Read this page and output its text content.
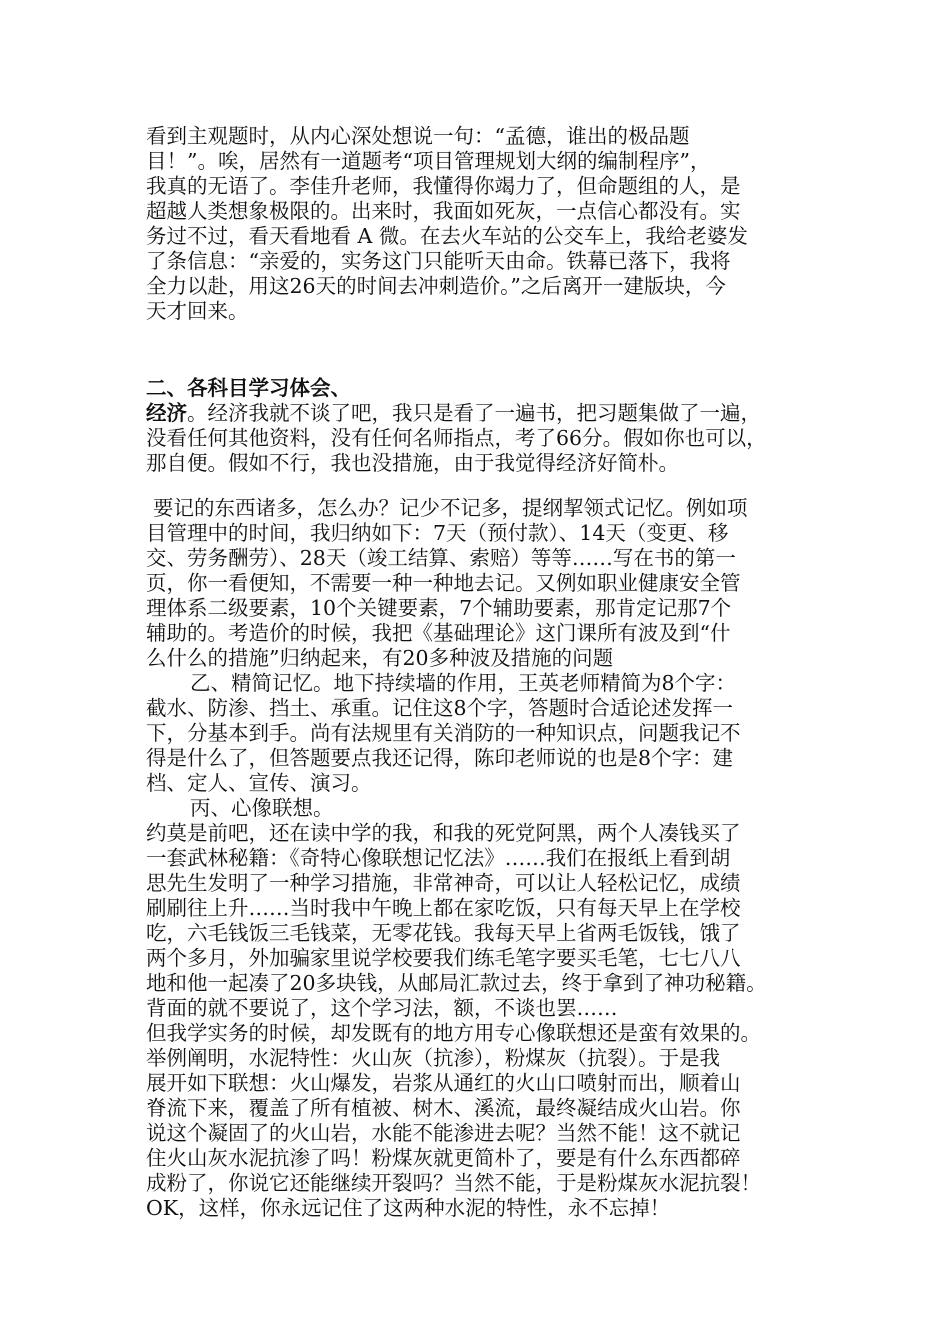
看到主观题时，从内心深处想说一句：“孟德，谁出的极品题
目！”。唉，居然有一道题考“项目管理规划大纲的编制程序”，
我真的无语了。李佳升老师，我懂得你竭力了，但命题组的人，是
超越人类想象极限的。出来时，我面如死灰，一点信心都没有。实
务过不过，看天看地看 A 微。在去火车站的公交车上，我给老婆发
了条信息：“亲爱的，实务这门只能听天由命。铁幕已落下，我将
全力以赴，用这26天的时间去冲刺造价。”之后离开一建版块，今
天才回来。
二、各科目学习体会、
经济。经济我就不谈了吧，我只是看了一遍书，把习题集做了一遍，
没看任何其他资料，没有任何名师指点，考了66分。假如你也可以，
那自便。假如不行，我也没措施，由于我觉得经济好简朴。
要记的东西诸多，怎么办？记少不记多，提纲挈领式记忆。例如项
目管理中的时间，我归纳如下：7天（预付款）、14天（变更、移
交、劳务酬劳）、28天（竣工结算、索赔）等等……写在书的第一
页，你一看便知，不需要一种一种地去记。又例如职业健康安全管
理体系二级要素，10个关键要素，7个辅助要素，那肯定记那7个
辅助的。考造价的时候，我把《基础理论》这门课所有波及到“什
么什么的措施”归纳起来，有20多种波及措施的问题
乙、精简记忆。地下持续墙的作用，王英老师精简为8个字：
截水、防渗、挡土、承重。记住这8个字，答题时合适论述发挥一
下，分基本到手。尚有法规里有关消防的一种知识点，问题我记不
得是什么了，但答题要点我还记得，陈印老师说的也是8个字：建
档、定人、宣传、演习。
丙、心像联想。
约莫是前吧，还在读中学的我，和我的死党阿黑，两个人凑钱买了
一套武林秘籍：《奇特心像联想记忆法》……我们在报纸上看到胡
思先生发明了一种学习措施，非常神奇，可以让人轻松记忆，成绩
刷刷往上升……当时我中午晚上都在家吃饭，只有每天早上在学校
吃，六毛钱饭三毛钱菜，无零花钱。我每天早上省两毛饭钱，饿了
两个多月，外加骗家里说学校要我们练毛笔字要买毛笔，七七八八
地和他一起凑了20多块钱，从邮局汇款过去，终于拿到了神功秘籍。
背面的就不要说了，这个学习法，额，不谈也罢……
但我学实务的时候，却发既有的地方用专心像联想还是蛮有效果的。
举例阐明，水泥特性：火山灰（抗渗），粉煤灰（抗裂）。于是我
展开如下联想：火山爆发，岩浆从通红的火山口喷射而出，顺着山
脊流下来，覆盖了所有植被、树木、溪流，最终凝结成火山岩。你
说这个凝固了的火山岩，水能不能渗进去呢？当然不能！这不就记
住火山灰水泥抗渗了吗！粉煤灰就更简朴了，要是有什么东西都碎
成粉了，你说它还能继续开裂吗？当然不能，于是粉煤灰水泥抗裂！
OK，这样，你永远记住了这两种水泥的特性，永不忘掉！
